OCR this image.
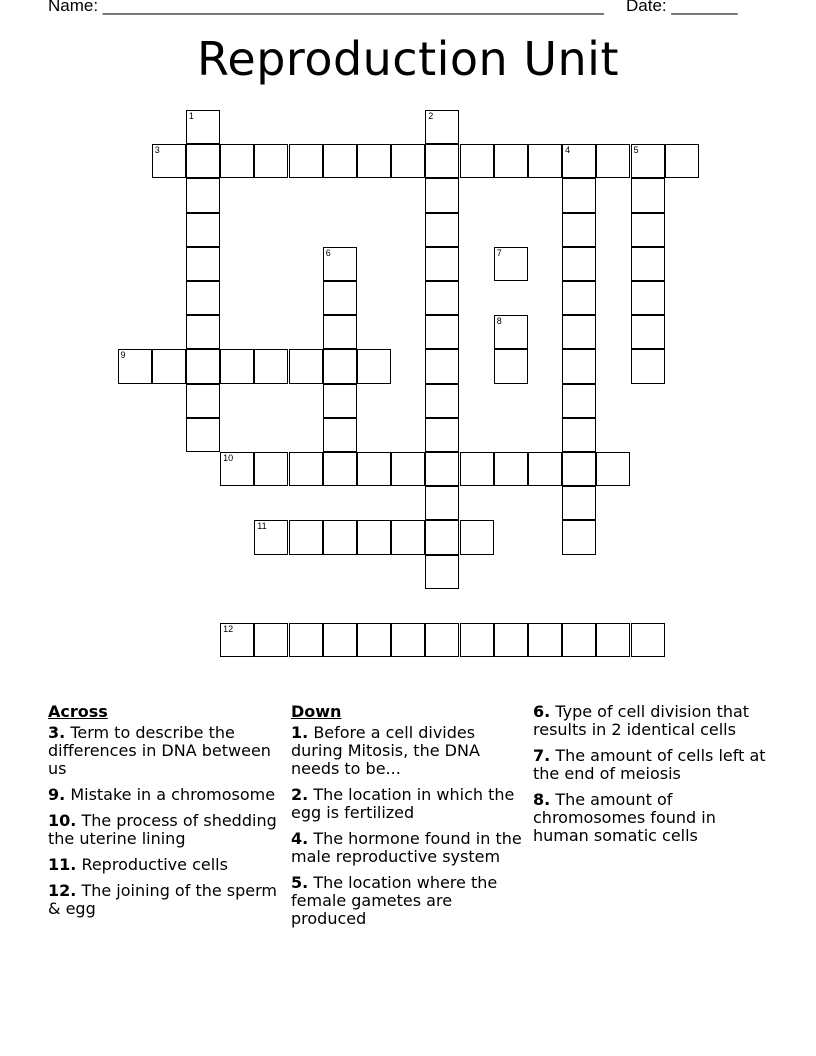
Name: _____________________________________________________ Date: _______
Reproduction Unit
3	4	5
9
10
11
12
1	2
6	7
8
Across
3. Term to describe the differences in DNA between us
9. Mistake in a chromosome
10. The process of shedding the uterine lining
11. Reproductive cells
12. The joining of the sperm & egg
Down
1. Before a cell divides during Mitosis, the DNA needs to be...
2. The location in which the egg is fertilized
4. The hormone found in the male reproductive system
5. The location where the female gametes are produced
6. Type of cell division that results in 2 identical cells
7. The amount of cells left at the end of meiosis
8. The amount of chromosomes found in human somatic cells
